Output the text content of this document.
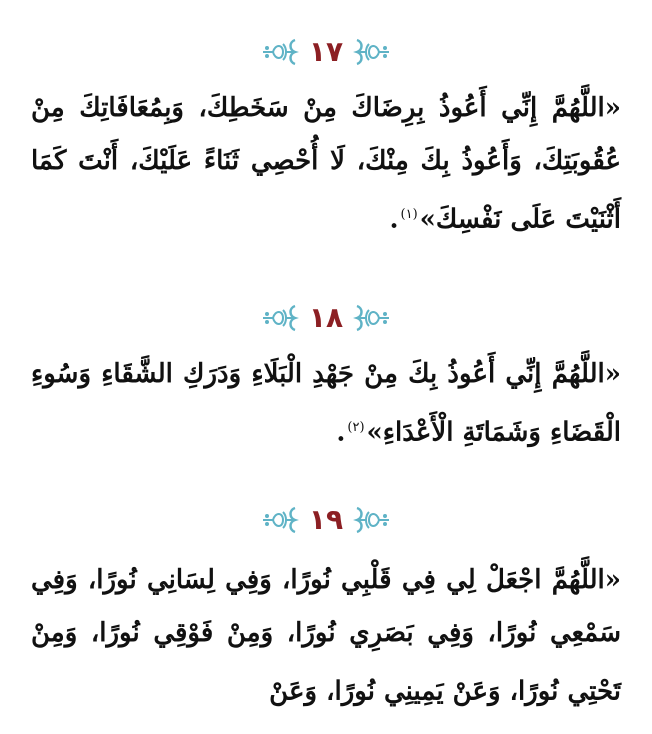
١٧
«اللَّهُمَّ إِنِّي أَعُوذُ بِرِضَاكَ مِنْ سَخَطِكَ، وَبِمُعَافَاتِكَ مِنْ عُقُوبَتِكَ، وَأَعُوذُ بِكَ مِنْكَ، لَا أُحْصِي ثَنَاءً عَلَيْكَ، أَنْتَ كَمَا أَثْنَيْتَ عَلَى نَفْسِكَ»$^{(١)}$.
١٨
«اللَّهُمَّ إِنِّي أَعُوذُ بِكَ مِنْ جَهْدِ الْبَلَاءِ وَدَرَكِ الشَّقَاءِ وَسُوءِ الْقَضَاءِ وَشَمَاتَةِ الْأَعْدَاءِ»$^{(٢)}$.
١٩
«اللَّهُمَّ اجْعَلْ لِي فِي قَلْبِي نُورًا، وَفِي لِسَانِي نُورًا، وَفِي سَمْعِي نُورًا، وَفِي بَصَرِي نُورًا، وَمِنْ فَوْقِي نُورًا، وَمِنْ تَحْتِي نُورًا، وَعَنْ يَمِينِي نُورًا، وَعَنْ
